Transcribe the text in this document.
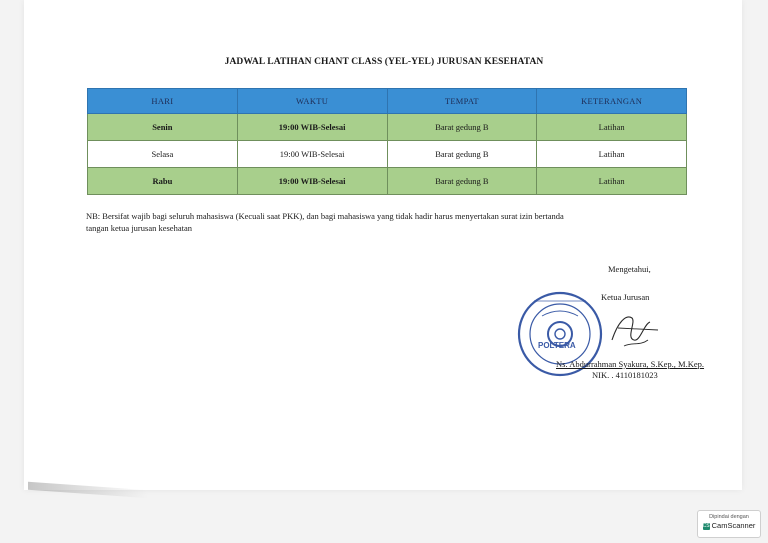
JADWAL LATIHAN CHANT CLASS (YEL-YEL) JURUSAN KESEHATAN
HARI	WAKTU	TEMPAT	KETERANGAN
Senin	19:00 WIB-Selesai	Barat gedung B	Latihan
Selasa	19:00 WIB-Selesai	Barat gedung B	Latihan
Rabu	19:00 WIB-Selesai	Barat gedung B	Latihan
NB: Bersifat wajib bagi seluruh mahasiswa (Kecuali saat PKK), dan bagi mahasiswa yang tidak hadir harus menyertakan surat izin bertanda
tangan ketua jurusan kesehatan
Mengetahui,
Ketua Jurusan
POLTERA
Ns. Abdurrahman Syakura, S.Kep., M.Kep.
NIK. . 4110181023
Dipindai dengan
CS CamScanner
